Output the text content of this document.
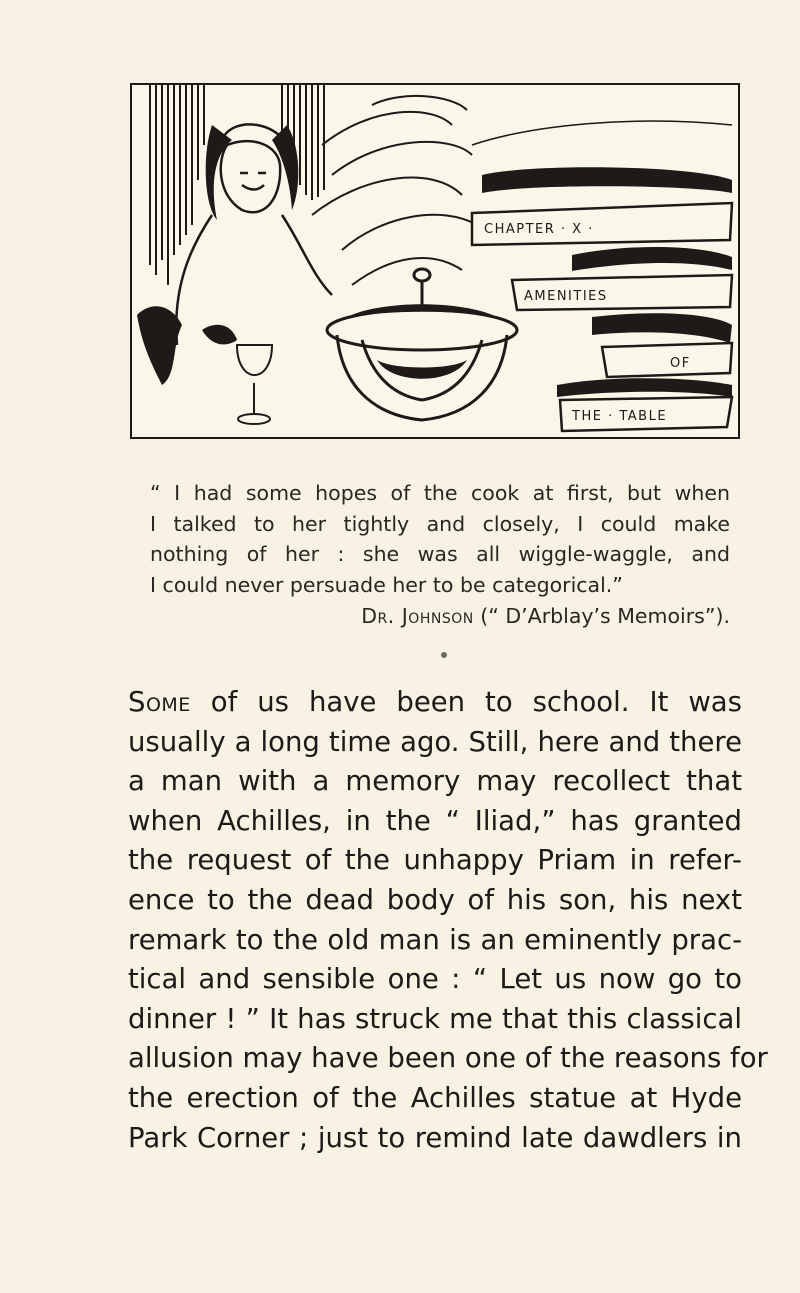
CHAPTER · X ·
AMENITIES
OF
THE · TABLE

“ I had some hopes of the cook at first, but when

I talked to her tightly and closely, I could make

nothing of her : she was all wiggle-waggle, and

I could never persuade her to be categorical.”

Dr. Johnson (“ D’Arblay’s Memoirs”).
Some of us have been to school. It was
usually a long time ago. Still, here and there
a man with a memory may recollect that
when Achilles, in the “ Iliad,” has granted
the request of the unhappy Priam in refer-
ence to the dead body of his son, his next
remark to the old man is an eminently prac-
tical and sensible one : “ Let us now go to
dinner ! ” It has struck me that this classical
allusion may have been one of the reasons for
the erection of the Achilles statue at Hyde
Park Corner ; just to remind late dawdlers in
